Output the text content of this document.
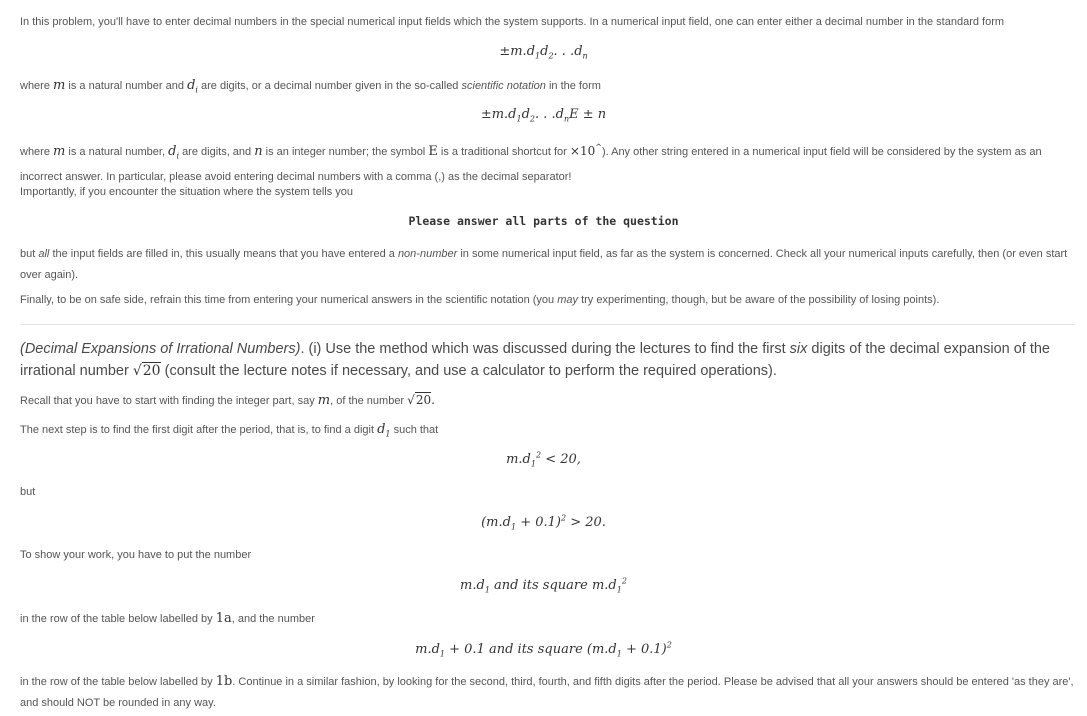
In this problem, you'll have to enter decimal numbers in the special numerical input fields which the system supports. In a numerical input field, one can enter either a decimal number in the standard form

$\pm m.d_1d_2$. . $.d_n$

where m is a natural number and $d_i$ are digits, or a decimal number given in the so-called scientific notation in the form

$\pm m.d_1d_2$. . $.d_nE \pm n$

where m is a natural number, $d_i$ are digits, and n is an integer number; the symbol E is a traditional shortcut for ×10^). Any other string entered in a numerical input field will be considered by the system as an incorrect answer. In particular, please avoid entering decimal numbers with a comma (,) as the decimal separator!

Importantly, if you encounter the situation where the system tells you

Please answer all parts of the question

but all the input fields are filled in, this usually means that you have entered a non-number in some numerical input field, as far as the system is concerned. Check all your numerical inputs carefully, then (or even start over again).

Finally, to be on safe side, refrain this time from entering your numerical answers in the scientific notation (you may try experimenting, though, but be aware of the possibility of losing points).

(Decimal Expansions of Irrational Numbers). (i) Use the method which was discussed during the lectures to find the first six digits of the decimal expansion of the irrational number √20 (consult the lecture notes if necessary, and use a calculator to perform the required operations).

Recall that you have to start with finding the integer part, say m, of the number √20.

The next step is to find the first digit after the period, that is, to find a digit $d_1$ such that

$m.d_1^2 < 20$,

but

$(m.d_1 + 0.1)^2 > 20$.

To show your work, you have to put the number

$m.d_1$ and its square $m.d_1^2$

in the row of the table below labelled by 1a, and the number

$m.d_1 + 0.1$ and its square $(m.d_1 + 0.1)^2$

in the row of the table below labelled by 1b. Continue in a similar fashion, by looking for the second, third, fourth, and fifth digits after the period. Please be advised that all your answers should be entered 'as they are', and should NOT be rounded in any way.
